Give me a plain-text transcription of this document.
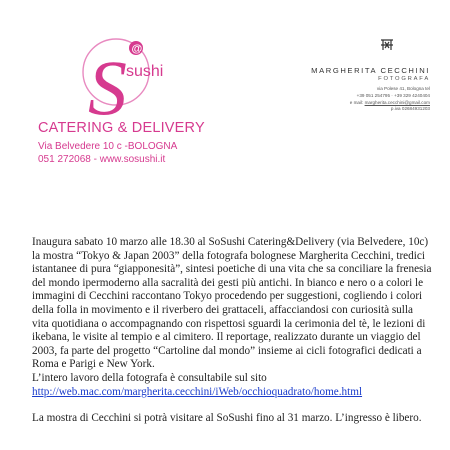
S @
sushi
CATERING & DELIVERY
Via Belvedere 10 c -BOLOGNA
051 272068 - www.sosushi.it
MARGHERITA CECCHINI
FOTOGRAFA
via Polese 41, Bologna tel
+39 051 254795 · +39 329 4240404
e mail: margherita.cecchini@gmail.com
p.iva 02684931203

Inaugura sabato 10 marzo alle 18.30 al SoSushi Catering&Delivery (via Belvedere, 10c) la mostra “Tokyo & Japan 2003” della fotografa bolognese Margherita Cecchini, tredici istantanee di pura “giapponesità”, sintesi poetiche di una vita che sa conciliare la frenesia del mondo ipermoderno alla sacralità dei gesti più antichi. In bianco e nero o a colori le immagini di Cecchini raccontano Tokyo procedendo per suggestioni, cogliendo i colori della folla in movimento e il riverbero dei grattaceli, affacciandosi con curiosità sulla vita quotidiana o accompagnando con rispettosi sguardi la cerimonia del tè, le lezioni di ikebana, le visite al tempio e al cimitero. Il reportage, realizzato durante un viaggio del 2003, fa parte del progetto “Cartoline dal mondo” insieme ai cicli fotografici dedicati a Roma e Parigi e New York.

L’intero lavoro della fotografa è consultabile sul sito

http://web.mac.com/margherita.cecchini/iWeb/occhioquadrato/home.html

La mostra di Cecchini si potrà visitare al SoSushi fino al 31 marzo. L’ingresso è libero.
